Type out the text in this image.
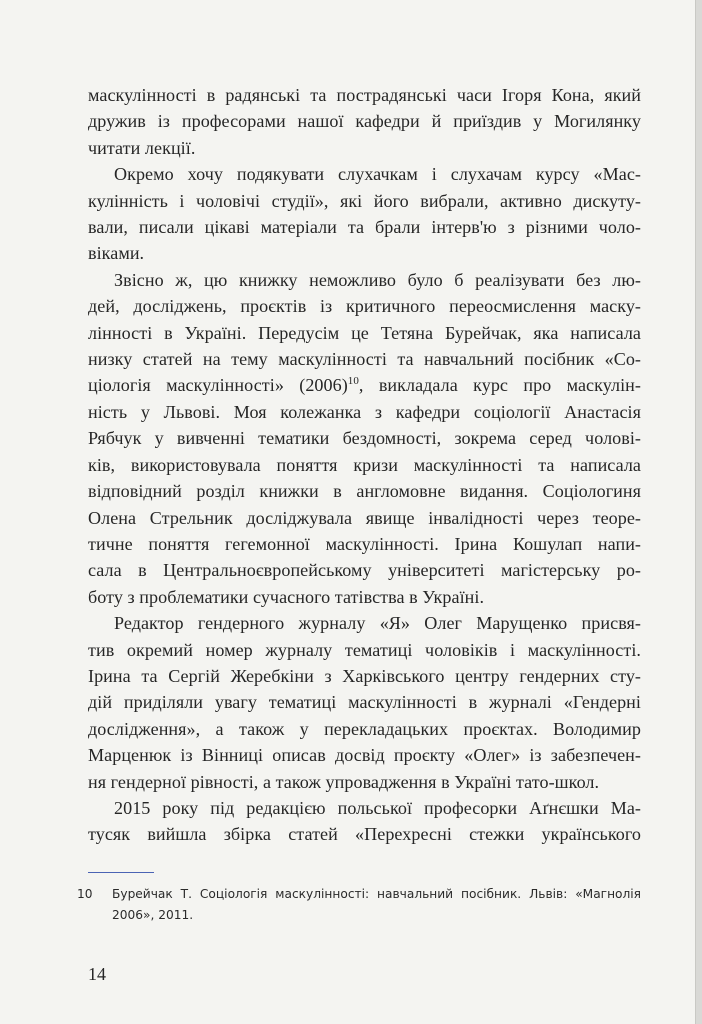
маскулінності в радянські та пострадянські часи Ігоря Кона, який
дружив із професорами нашої кафедри й приїздив у Могилянку
читати лекції.
Окремо хочу подякувати слухачкам і слухачам курсу «Мас-
кулінність і чоловічі студії», які його вибрали, активно дискуту-
вали, писали цікаві матеріали та брали інтерв'ю з різними чоло-
віками.
Звісно ж, цю книжку неможливо було б реалізувати без лю-
дей, досліджень, проєктів із критичного переосмислення маску-
лінності в Україні. Передусім це Тетяна Бурейчак, яка написала
низку статей на тему маскулінності та навчальний посібник «Со-
ціологія маскулінності» (2006)$^{10}$, викладала курс про маскулін-
ність у Львові. Моя колежанка з кафедри соціології Анастасія
Рябчук у вивченні тематики бездомності, зокрема серед чолові-
ків, використовувала поняття кризи маскулінності та написала
відповідний розділ книжки в англомовне видання. Соціологиня
Олена Стрельник досліджувала явище інвалідності через теоре-
тичне поняття гегемонної маскулінності. Ірина Кошулап напи-
сала в Центральноєвропейському університеті магістерську ро-
боту з проблематики сучасного татівства в Україні.
Редактор гендерного журналу «Я» Олег Марущенко присвя-
тив окремий номер журналу тематиці чоловіків і маскулінності.
Ірина та Сергій Жеребкіни з Харківського центру гендерних сту-
дій приділяли увагу тематиці маскулінності в журналі «Гендерні
дослідження», а також у перекладацьких проєктах. Володимир
Марценюк із Вінниці описав досвід проєкту «Олег» із забезпечен-
ня гендерної рівності, а також упровадження в Україні тато-школ.
2015 року під редакцією польської професорки Аґнєшки Ма-
тусяк вийшла збірка статей «Перехресні стежки українського
10 Бурейчак Т. Соціологія маскулінності: навчальний посібник. Львів: «Магнолія
2006», 2011.
14
